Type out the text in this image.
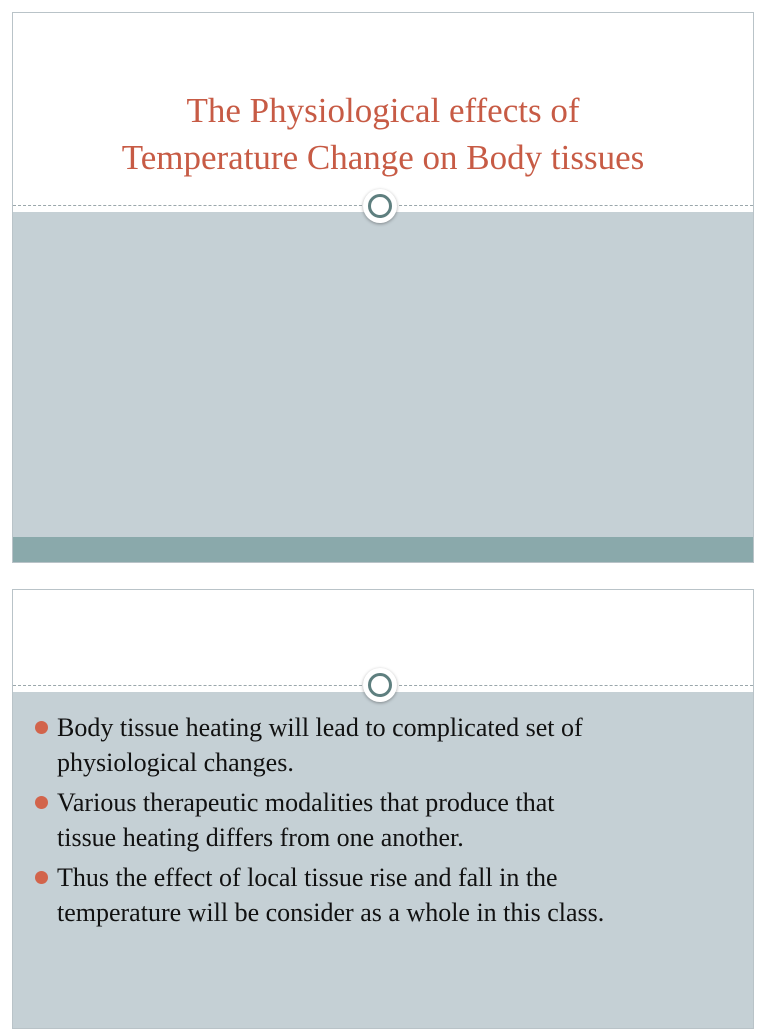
The Physiological effects of
Temperature Change on Body tissues
Body tissue heating will lead to complicated set of
physiological changes.
Various therapeutic modalities that produce that
tissue heating differs from one another.
Thus the effect of local tissue rise and fall in the
temperature will be consider as a whole in this class.
